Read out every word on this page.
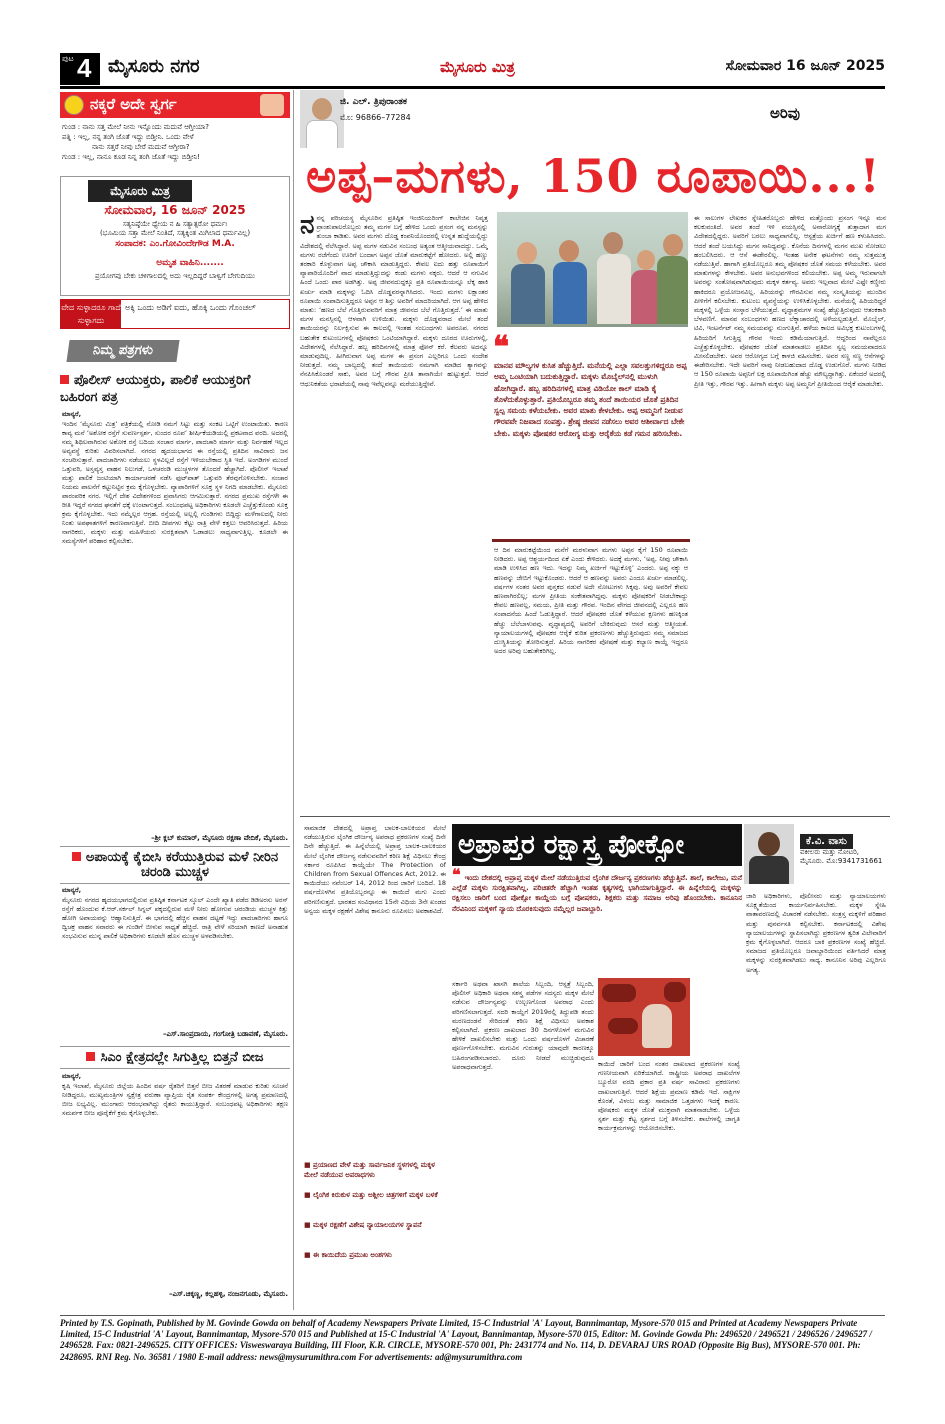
ಪುಟ 4 ಮೈಸೂರು ನಗರ	ಮೈಸೂರು ಮಿತ್ರ	ಸೋಮವಾರ 16 ಜೂನ್ 2025
ನಕ್ಕರೆ ಅದೇ ಸ್ವರ್ಗ
ಗುಂಡ : ನಾನು ಸತ್ತ ಮೇಲೆ ನೀನು ಇನ್ನೊಂದು ಮದುವೆ ಆಗ್ತೀಯಾ?
ಪತ್ನಿ : ಇಲ್ಲ, ನನ್ನ ತಂಗಿ ಜೊತೆ ಇದ್ದು ಬಿಡ್ತೀನಿ. ಒಂದು ವೇಳೆ
ನಾನು ಸತ್ತರೆ ನೀವು ಬೇರೆ ಮದುವೆ ಆಗ್ತೀರಾ?
ಗುಂಡ : ಇಲ್ಲ, ನಾನೂ ಕೂಡ ನಿನ್ನ ತಂಗಿ ಜೊತೆ ಇದ್ದು ಬಿಡ್ತೀನಿ!
ಮೈಸೂರು ಮಿತ್ರ
ಸೋಮವಾರ, 16 ಜೂನ್ 2025
ಸತ್ಯನಿಷ್ಠೆಯೇ ಧ್ಯೇಯ ನ ಹಿ ಸತ್ಯಾತ್ಪರೋ ಧರ್ಮಃ
(ಭೂಮಿಯ ಸತ್ತಾ ಮೇಲೆ ನಿಂತಿದೆ, ಸತ್ಯಕ್ಕಿಂತ ಮಿಗಿಲಾದ ಧರ್ಮವಿಲ್ಲ)
ಸಂಪಾದಕ: ಎಂ.ಗೋವಿಂದೇಗೌಡ M.A.
ಅಮೃತ ವಾಹಿನಿ.......
ಪ್ರಯೋಗವು ಬೇಕು ಚಳಿಗಾಲದಲ್ಲಿ ಅದು ಇಲ್ಲದಿದ್ದರೆ ಬಾಳ್ವಿಗೆ ಬೇಗುದಿಯು
ವೇದ ಸುಳ್ಳಾದರೂ ಗಾದೆ ಸುಳ್ಳಾಗದು
ಅಕ್ಕಿ ಒಂದು ಅಡಿಗೆ ಐದು, ಹೊಕ್ಕಿ ಒಂದು ಗೊಂಚಲ್
ನಿಮ್ಮ ಪತ್ರಗಳು
ಪೊಲೀಸ್ ಆಯುಕ್ತರು, ಪಾಲಿಕೆ ಆಯುಕ್ತರಿಗೆ ಬಹಿರಂಗ ಪತ್ರ
ಮಾನ್ಯರೆ,
ಇಂದಿನ ‘ಮೈಸೂರು ಮಿತ್ರ’ ಪತ್ರಿಕೆಯಲ್ಲಿ ನೋಡಿ ನಮಗೆ ಸಿಟ್ಟು ಮತ್ತು ಸಂಕಟ ಒಟ್ಟಿಗೆ ಉಂಟಾಯಿತು. ಕಾರಣ ಕಾವ್ಯ ಮನೆ ‘ಅಶೋಕ ರಸ್ತೆಗೆ ಸುವರ್ಣಸ್ಪರ್ಶ, ಸುಂದರ ರೂಪ’ ಶೀರ್ಷಿಕೆಯಡಿಯಲ್ಲಿ ಪ್ರಕಟವಾದ ವರದಿ. ಅದರಲ್ಲಿ ನಮ್ಮ ಶಿಥಿಲವಾಗಿರುವ ಅಶೋಕ ರಸ್ತೆ ಬದಿಯ ಸಂಚಾರ ಮಾರ್ಗ, ಪಾದಚಾರಿ ಮಾರ್ಗ ಮತ್ತು ನಿರ್ವಹಣೆ ಇಲ್ಲದ ಅವ್ಯವಸ್ಥೆ ಕುರಿತು ವಿವರಿಸಲಾಗಿದೆ. ನಗರದ ಹೃದಯಭಾಗದ ಈ ರಸ್ತೆಯಲ್ಲಿ ಪ್ರತಿದಿನ ಸಾವಿರಾರು ಜನ ಸಂಚರಿಸುತ್ತಾರೆ. ಪಾದಚಾರಿಗಳು ನಡೆಯಲು ಸ್ಥಳವಿಲ್ಲದೆ ರಸ್ತೆಗೆ ಇಳಿಯಬೇಕಾದ ಸ್ಥಿತಿ ಇದೆ. ಅಂಗಡಿಗಳ ಮುಂದೆ ಒತ್ತುವರಿ, ಅಸ್ತವ್ಯಸ್ತ ವಾಹನ ನಿಲುಗಡೆ, ಒಳಚರಂಡಿ ಮುಚ್ಚಳಗಳ ತೊಂದರೆ ಹೆಚ್ಚಾಗಿದೆ. ಪೊಲೀಸ್ ಇಲಾಖೆ ಮತ್ತು ಪಾಲಿಕೆ ಜಂಟಿಯಾಗಿ ಕಾರ್ಯಾಚರಣೆ ನಡೆಸಿ ಫುಟ್‌ಪಾತ್ ಒತ್ತುವರಿ ತೆರವುಗೊಳಿಸಬೇಕು. ಸಂಚಾರ ನಿಯಮ ಪಾಲನೆಗೆ ಕಟ್ಟುನಿಟ್ಟಿನ ಕ್ರಮ ಕೈಗೊಳ್ಳಬೇಕು. ವ್ಯಾಪಾರಿಗಳಿಗೆ ಸೂಕ್ತ ಸ್ಥಳ ನಿಗದಿ ಮಾಡಬೇಕು. ಮೈಸೂರು ಪಾರಂಪರಿಕ ನಗರ. ಇಲ್ಲಿಗೆ ದೇಶ ವಿದೇಶಗಳಿಂದ ಪ್ರವಾಸಿಗರು ಆಗಮಿಸುತ್ತಾರೆ. ನಗರದ ಪ್ರಮುಖ ರಸ್ತೆಗಳೇ ಈ ರೀತಿ ಇದ್ದರೆ ನಗರದ ಘನತೆಗೆ ಧಕ್ಕೆ ಉಂಟಾಗುತ್ತದೆ. ಸಂಬಂಧಪಟ್ಟ ಅಧಿಕಾರಿಗಳು ಕೂಡಲೇ ಎಚ್ಚೆತ್ತುಕೊಂಡು ಸೂಕ್ತ ಕ್ರಮ ಕೈಗೊಳ್ಳಬೇಕು. ಇದು ನಮ್ಮೆಲ್ಲರ ಆಗ್ರಹ. ರಸ್ತೆಯಲ್ಲಿ ಅಲ್ಲಲ್ಲಿ ಗುಂಡಿಗಳು ಬಿದ್ದಿದ್ದು ಮಳೆಗಾಲದಲ್ಲಿ ನೀರು ನಿಂತು ಅಪಘಾತಗಳಿಗೆ ಕಾರಣವಾಗುತ್ತಿವೆ. ಬೀದಿ ದೀಪಗಳು ಕೆಟ್ಟು ರಾತ್ರಿ ವೇಳೆ ಕತ್ತಲು ಆವರಿಸಿರುತ್ತದೆ. ಹಿರಿಯ ನಾಗರಿಕರು, ಮಕ್ಕಳು ಮತ್ತು ಮಹಿಳೆಯರು ಸುರಕ್ಷಿತವಾಗಿ ಓಡಾಡಲು ಸಾಧ್ಯವಾಗುತ್ತಿಲ್ಲ. ಕೂಡಲೇ ಈ ಸಮಸ್ಯೆಗಳಿಗೆ ಪರಿಹಾರ ಕಲ್ಪಿಸಬೇಕು.
–ಶ್ರೀ ಕ್ಲಬ್‌ ಕುಮಾರ್, ಮೈಸೂರು ರಕ್ಷಣಾ ವೇದಿಕೆ, ಮೈಸೂರು.
ಅಪಾಯಕ್ಕೆ ಕೈಬೀಸಿ ಕರೆಯುತ್ತಿರುವ ಮಳೆ ನೀರಿನ ಚರಂಡಿ ಮುಚ್ಚಳ
ಮಾನ್ಯರೆ,
ಮೈಸೂರು ನಗರದ ಹೃದಯಭಾಗದಲ್ಲಿರುವ ಪ್ರತಿಷ್ಠಿತ ಕರ್ನಾಟಕ ಸ್ಕೂಲ್ ಎಂದೇ ಖ್ಯಾತಿ ಪಡೆದ ಡಿಡಿಅರಸು ಅರಸ್ ರಸ್ತೆಗೆ ಹೊಂದುವ ಕೆ.ಆರ್.ಸರ್ಕಲ್ ಸಿಗ್ನಲ್ ಪಕ್ಕದಲ್ಲಿರುವ ಮಳೆ ನೀರು ಹೋಗುವ ಚರಂಡಿಯ ಮುಚ್ಚಳ ಕಿತ್ತು ಹೋಗಿ ಅಪಾಯವನ್ನು ಆಹ್ವಾನಿಸುತ್ತಿದೆ. ಈ ಭಾಗದಲ್ಲಿ ಹೆಚ್ಚಿನ ವಾಹನ ದಟ್ಟಣೆ ಇದ್ದು ಪಾದಚಾರಿಗಳು ಹಾಗೂ ದ್ವಿಚಕ್ರ ವಾಹನ ಸವಾರರು ಈ ಗುಂಡಿಗೆ ಬೀಳುವ ಸಾಧ್ಯತೆ ಹೆಚ್ಚಿದೆ. ರಾತ್ರಿ ವೇಳೆ ಸರಿಯಾಗಿ ಕಾಣದೆ ಅನಾಹುತ ಸಂಭವಿಸುವ ಮುನ್ನ ಪಾಲಿಕೆ ಅಧಿಕಾರಿಗಳು ಕೂಡಲೇ ಹೊಸ ಮುಚ್ಚಳ ಅಳವಡಿಸಬೇಕು.
–ಎಸ್.ಸಾಂಪ್ರದಾಯ, ಗಂಗೋತ್ರಿ ಬಡಾವಣೆ, ಮೈಸೂರು.
ಸಿಎಂ ಕ್ಷೇತ್ರದಲ್ಲೇ ಸಿಗುತ್ತಿಲ್ಲ ಬಿತ್ತನೆ ಬೀಜ
ಮಾನ್ಯರೆ,
ಕೃಷಿ ಇಲಾಖೆ, ಮೈಸೂರು ಜಿಲ್ಲೆಯ ಹಿಂದಿನ ವರ್ಷ ರೈತರಿಗೆ ಬಿತ್ತನೆ ಬೀಜ ವಿತರಣೆ ಮಾಡುವ ಕುರಿತು ಸೂಚನೆ ನೀಡಿದ್ದರೂ, ಮುಖ್ಯಮಂತ್ರಿಗಳ ಸ್ವಕ್ಷೇತ್ರ ವರುಣಾ ವ್ಯಾಪ್ತಿಯ ರೈತ ಸಂಪರ್ಕ ಕೇಂದ್ರಗಳಲ್ಲಿ ಅಗತ್ಯ ಪ್ರಮಾಣದಲ್ಲಿ ಬೀಜ ಲಭ್ಯವಿಲ್ಲ. ಮುಂಗಾರು ಆರಂಭವಾಗಿದ್ದು ರೈತರು ಕಾಯುತ್ತಿದ್ದಾರೆ. ಸಂಬಂಧಪಟ್ಟ ಅಧಿಕಾರಿಗಳು ತಕ್ಷಣ ಸಮರ್ಪಕ ಬೀಜ ಪೂರೈಕೆಗೆ ಕ್ರಮ ಕೈಗೊಳ್ಳಬೇಕು.
–ಎಸ್.ಚಿಕ್ಕಣ್ಣ, ಕಲ್ಲಹಳ್ಳಿ, ನಂಜನಗೂಡು, ಮೈಸೂರು.
ಜಿ. ಎಲ್. ತ್ರಿಪುರಾಂತಕ
ಮೊ: 96866–77284	ಅರಿವು
ಅಪ್ಪ–ಮಗಳು, 150 ರೂಪಾಯಿ...!
ನನನ್ನ ಪರಿಚಯಸ್ಥ ಮೈಸೂರಿನ ಪ್ರತಿಷ್ಠಿತ ಇಂಜಿನಿಯರಿಂಗ್ ಕಾಲೇಜಿನ ನಿವೃತ್ತ ಪ್ರಾಂಶುಪಾಲರೊಬ್ಬರು ತಮ್ಮ ಮಗಳ ಬಗ್ಗೆ ಹೇಳಿದ ಒಂದು ಪ್ರಸಂಗ ನನ್ನ ಮನಸ್ಸನ್ನು ತುಂಬಾ ಕಾಡಿತು. ಅವರ ಮಗಳು ದೊಡ್ಡ ಕಂಪನಿಯೊಂದರಲ್ಲಿ ಉನ್ನತ ಹುದ್ದೆಯಲ್ಲಿದ್ದು ವಿದೇಶದಲ್ಲಿ ನೆಲೆಸಿದ್ದಾರೆ. ಅಪ್ಪ ಮಗಳ ನಡುವಿನ ಸಂಬಂಧ ಅತ್ಯಂತ ಆತ್ಮೀಯವಾದದ್ದು. ಒಮ್ಮೆ ಮಗಳು ರಜೆಗೆಂದು ಊರಿಗೆ ಬಂದಾಗ ಅಪ್ಪನ ಜೊತೆ ಮಾರುಕಟ್ಟೆಗೆ ಹೋದರು. ಅಲ್ಲಿ ಹಣ್ಣು ತರಕಾರಿ ಕೊಳ್ಳುವಾಗ ಅಪ್ಪ ಚೌಕಾಸಿ ಮಾಡುತ್ತಿದ್ದರು. ಕೇವಲ ಐದು ಹತ್ತು ರೂಪಾಯಿಗೆ ವ್ಯಾಪಾರಿಯೊಂದಿಗೆ ವಾದ ಮಾಡುತ್ತಿದ್ದುದನ್ನು ಕಂಡು ಮಗಳು ನಕ್ಕರು. ಆದರೆ ಆ ನಗುವಿನ ಹಿಂದೆ ಒಂದು ಪಾಠ ಅಡಗಿತ್ತು. ಅಪ್ಪ ಜೀವನದುದ್ದಕ್ಕೂ ಪ್ರತಿ ರೂಪಾಯಿಯನ್ನೂ ಲೆಕ್ಕ ಹಾಕಿ ಖರ್ಚು ಮಾಡಿ ಮಕ್ಕಳನ್ನು ಓದಿಸಿ ದೊಡ್ಡವರನ್ನಾಗಿಸಿದರು. ಇಂದು ಮಗಳು ಲಕ್ಷಾಂತರ ರೂಪಾಯಿ ಸಂಪಾದಿಸುತ್ತಿದ್ದರೂ ಅಪ್ಪನ ಆ ಶಿಸ್ತು ಅವರಿಗೆ ಮಾದರಿಯಾಗಿದೆ. ಆಗ ಅಪ್ಪ ಹೇಳಿದ ಮಾತು: ‘ಹಣದ ಬೆಲೆ ಗೊತ್ತಿರುವವರಿಗೆ ಮಾತ್ರ ಜೀವನದ ಬೆಲೆ ಗೊತ್ತಿರುತ್ತದೆ.’ ಈ ಮಾತು ಮಗಳ ಮನಸ್ಸಿನಲ್ಲಿ ಆಳವಾಗಿ ಉಳಿಯಿತು. ಮಕ್ಕಳು ದೊಡ್ಡವರಾದ ಮೇಲೆ ತಂದೆ ತಾಯಿಯರನ್ನು ನಿರ್ಲಕ್ಷಿಸುವ ಈ ಕಾಲದಲ್ಲಿ ಇಂತಹ ಸಂಬಂಧಗಳು ಅಪರೂಪ. ನಗರದ ಬಹುತೇಕ ಕುಟುಂಬಗಳಲ್ಲಿ ಪೋಷಕರು ಒಂಟಿಯಾಗಿದ್ದಾರೆ. ಮಕ್ಕಳು ದೂರದ ಊರುಗಳಲ್ಲಿ, ವಿದೇಶಗಳಲ್ಲಿ ನೆಲೆಸಿದ್ದಾರೆ. ಹಬ್ಬ ಹರಿದಿನಗಳಲ್ಲಿ ಮಾತ್ರ ಫೋನ್ ಕರೆ. ಕೆಲವರು ಅದನ್ನೂ ಮಾಡುವುದಿಲ್ಲ. ಹೀಗಿರುವಾಗ ಅಪ್ಪ ಮಗಳ ಈ ಪ್ರಸಂಗ ಎಲ್ಲರಿಗೂ ಒಂದು ಸಂದೇಶ ನೀಡುತ್ತದೆ. ನಮ್ಮ ಬಾಲ್ಯದಲ್ಲಿ ತಂದೆ ತಾಯಿಯರು ನಮಗಾಗಿ ಮಾಡಿದ ತ್ಯಾಗವನ್ನು ನೆನಪಿಸಿಕೊಂಡರೆ ಸಾಕು, ಅವರ ಬಗ್ಗೆ ಗೌರವ ಪ್ರೀತಿ ತಾನಾಗಿಯೇ ಹುಟ್ಟುತ್ತದೆ. ಆದರೆ ಆಧುನಿಕತೆಯ ಭರಾಟೆಯಲ್ಲಿ ನಾವು ಇವೆಲ್ಲವನ್ನೂ ಮರೆಯುತ್ತಿದ್ದೇವೆ.
❝
ಮಾನವ ಮೌಲ್ಯಗಳ ಕುಸಿತ ಹೆಚ್ಚುತ್ತಿದೆ. ಮನೆಯಲ್ಲಿ ಎಲ್ಲಾ ಸವಲತ್ತುಗಳಿದ್ದರೂ ಅಪ್ಪ ಅಮ್ಮ ಒಂಟಿಯಾಗಿ ಬದುಕುತ್ತಿದ್ದಾರೆ. ಮಕ್ಕಳು ಮೊಬೈಲ್‌ನಲ್ಲಿ ಮುಳುಗಿ ಹೋಗಿದ್ದಾರೆ. ಹಬ್ಬ ಹರಿದಿನಗಳಲ್ಲಿ ಮಾತ್ರ ವಿಡಿಯೋ ಕಾಲ್ ಮಾಡಿ ಕೈ ತೊಳೆದುಕೊಳ್ಳುತ್ತಾರೆ. ಪ್ರತಿಯೊಬ್ಬರೂ ತಮ್ಮ ತಂದೆ ತಾಯಿಯರ ಜೊತೆ ಪ್ರತಿದಿನ ಸ್ವಲ್ಪ ಸಮಯ ಕಳೆಯಬೇಕು. ಅವರ ಮಾತು ಕೇಳಬೇಕು. ಅಪ್ಪ ಅಮ್ಮನಿಗೆ ನೀಡುವ ಗೌರವವೇ ನಿಜವಾದ ಸಂಪತ್ತು. ಶ್ರೇಷ್ಠ ಜೀವನ ನಡೆಸಲು ಅವರ ಆಶೀರ್ವಾದ ಬೇಕೇ ಬೇಕು. ಮಕ್ಕಳು ಪೋಷಕರ ಆರೋಗ್ಯ ಮತ್ತು ಆರೈಕೆಯ ಕಡೆ ಗಮನ ಹರಿಸಬೇಕು.
ಆ ದಿನ ಮಾರುಕಟ್ಟೆಯಿಂದ ಮನೆಗೆ ಮರಳುವಾಗ ಮಗಳು ಅಪ್ಪನ ಕೈಗೆ 150 ರೂಪಾಯಿ ನೀಡಿದರು. ಅಪ್ಪ ಆಶ್ಚರ್ಯದಿಂದ ಏಕೆ ಎಂದು ಕೇಳಿದರು. ಅದಕ್ಕೆ ಮಗಳು, ‘ಅಪ್ಪ, ನೀವು ಚೌಕಾಸಿ ಮಾಡಿ ಉಳಿಸಿದ ಹಣ ಇದು. ಇದನ್ನು ನಿಮ್ಮ ಖರ್ಚಿಗೆ ಇಟ್ಟುಕೊಳ್ಳಿ’ ಎಂದರು. ಅಪ್ಪ ನಕ್ಕು ಆ ಹಣವನ್ನು ಜೇಬಿಗೆ ಇಟ್ಟುಕೊಂಡರು. ಆದರೆ ಆ ಹಣವನ್ನು ಅವರು ಎಂದೂ ಖರ್ಚು ಮಾಡಲಿಲ್ಲ. ವರ್ಷಗಳ ನಂತರ ಅವರ ಪುಸ್ತಕದ ನಡುವೆ ಅದೇ ನೋಟುಗಳು ಸಿಕ್ಕವು. ಅವು ಅವರಿಗೆ ಕೇವಲ ಹಣವಾಗಿರಲಿಲ್ಲ; ಮಗಳ ಪ್ರೀತಿಯ ಸಂಕೇತವಾಗಿದ್ದವು. ಮಕ್ಕಳು ಪೋಷಕರಿಗೆ ನೀಡಬೇಕಾದ್ದು ಕೇವಲ ಹಣವಲ್ಲ, ಸಮಯ, ಪ್ರೀತಿ ಮತ್ತು ಗೌರವ. ಇಂದಿನ ವೇಗದ ಜೀವನದಲ್ಲಿ ಎಲ್ಲರೂ ಹಣ ಸಂಪಾದನೆಯ ಹಿಂದೆ ಓಡುತ್ತಿದ್ದಾರೆ. ಆದರೆ ಪೋಷಕರ ಜೊತೆ ಕಳೆಯುವ ಕ್ಷಣಗಳು ಹಣಕ್ಕಿಂತ ಹೆಚ್ಚು ಬೆಲೆಬಾಳುವವು. ವೃದ್ಧಾಪ್ಯದಲ್ಲಿ ಅವರಿಗೆ ಬೇಕಿರುವುದು ಆಸರೆ ಮತ್ತು ಆತ್ಮೀಯತೆ. ನ್ಯಾಯಾಲಯಗಳಲ್ಲಿ ಪೋಷಕರ ಆರೈಕೆ ಕುರಿತ ಪ್ರಕರಣಗಳು ಹೆಚ್ಚುತ್ತಿರುವುದು ನಮ್ಮ ಸಮಾಜದ ದುಃಸ್ಥಿತಿಯನ್ನು ತೋರಿಸುತ್ತದೆ. ಹಿರಿಯ ನಾಗರಿಕರ ಪೋಷಣೆ ಮತ್ತು ಕಲ್ಯಾಣ ಕಾಯ್ದೆ ಇದ್ದರೂ ಅದರ ಅರಿವು ಬಹುತೇಕರಿಗಿಲ್ಲ.
ಈ ಸಾಲುಗಳ ಲೇಖಕರ ಸ್ನೇಹಿತರೊಬ್ಬರು ಹೇಳಿದ ಮತ್ತೊಂದು ಪ್ರಸಂಗ ಇನ್ನೂ ಮನ ಕಲಕುವಂತಿದೆ. ಅವರ ತಂದೆ ಇಳಿ ವಯಸ್ಸಿನಲ್ಲಿ ಅನಾರೋಗ್ಯಕ್ಕೆ ತುತ್ತಾದಾಗ ಮಗ ವಿದೇಶದಲ್ಲಿದ್ದರು. ಅವರಿಗೆ ಬರಲು ಸಾಧ್ಯವಾಗಲಿಲ್ಲ. ಆಸ್ಪತ್ರೆಯ ಖರ್ಚಿಗೆ ಹಣ ಕಳುಹಿಸಿದರು. ಆದರೆ ತಂದೆ ಬಯಸಿದ್ದು ಮಗನ ಸಾನಿಧ್ಯವನ್ನು. ಕೊನೆಯ ದಿನಗಳಲ್ಲಿ ಮಗನ ಮುಖ ನೋಡಲು ಹಂಬಲಿಸಿದರು. ಆ ಆಸೆ ಈಡೇರಲಿಲ್ಲ. ಇಂತಹ ಅನೇಕ ಘಟನೆಗಳು ನಮ್ಮ ಸುತ್ತಮುತ್ತ ನಡೆಯುತ್ತಿವೆ. ಹಾಗಾಗಿ ಪ್ರತಿಯೊಬ್ಬರೂ ತಮ್ಮ ಪೋಷಕರ ಜೊತೆ ಸಮಯ ಕಳೆಯಬೇಕು. ಅವರ ಮಾತುಗಳನ್ನು ಕೇಳಬೇಕು. ಅವರ ಅನುಭವಗಳಿಂದ ಕಲಿಯಬೇಕು. ಅಪ್ಪ ಅಮ್ಮ ಇರುವಾಗಲೇ ಅವರನ್ನು ಸಂತೋಷವಾಗಿಡುವುದು ಮಕ್ಕಳ ಕರ್ತವ್ಯ. ಅವರು ಇಲ್ಲವಾದ ಮೇಲೆ ಎಷ್ಟೇ ಕಣ್ಣೀರು ಹಾಕಿದರೂ ಪ್ರಯೋಜನವಿಲ್ಲ. ಹಿರಿಯರನ್ನು ಗೌರವಿಸುವ ನಮ್ಮ ಸಂಸ್ಕೃತಿಯನ್ನು ಮುಂದಿನ ಪೀಳಿಗೆಗೆ ಕಲಿಸಬೇಕು. ಕುಟುಂಬ ವ್ಯವಸ್ಥೆಯನ್ನು ಉಳಿಸಿಕೊಳ್ಳಬೇಕು. ಮನೆಯಲ್ಲಿ ಹಿರಿಯರಿದ್ದರೆ ಮಕ್ಕಳಲ್ಲಿ ಒಳ್ಳೆಯ ಸಂಸ್ಕಾರ ಬೆಳೆಯುತ್ತದೆ. ವೃದ್ಧಾಶ್ರಮಗಳ ಸಂಖ್ಯೆ ಹೆಚ್ಚುತ್ತಿರುವುದು ಆತಂಕಕಾರಿ ಬೆಳವಣಿಗೆ. ಮಾನವ ಸಂಬಂಧಗಳು ಹಣದ ಲೆಕ್ಕಾಚಾರದಲ್ಲಿ ಅಳೆಯಲ್ಪಡುತ್ತಿವೆ. ಮೊಬೈಲ್, ಟಿವಿ, ಇಂಟರ್ನೆಟ್ ನಮ್ಮ ಸಮಯವನ್ನು ನುಂಗುತ್ತಿವೆ. ಹಳೆಯ ಕಾಲದ ಅವಿಭಕ್ತ ಕುಟುಂಬಗಳಲ್ಲಿ ಹಿರಿಯರಿಗೆ ಸಿಗುತ್ತಿದ್ದ ಗೌರವ ಇಂದು ಕಡಿಮೆಯಾಗುತ್ತಿದೆ. ಆದ್ದರಿಂದ ನಾವೆಲ್ಲರೂ ಎಚ್ಚೆತ್ತುಕೊಳ್ಳಬೇಕು. ಪೋಷಕರ ಜೊತೆ ಮಾತನಾಡಲು ಪ್ರತಿದಿನ ಸ್ವಲ್ಪ ಸಮಯವಾದರೂ ಮೀಸಲಿಡಬೇಕು. ಅವರ ಆರೋಗ್ಯದ ಬಗ್ಗೆ ಕಾಳಜಿ ವಹಿಸಬೇಕು. ಅವರ ಸಣ್ಣ ಸಣ್ಣ ಆಸೆಗಳನ್ನು ಈಡೇರಿಸಬೇಕು. ಇದೇ ಅವರಿಗೆ ನಾವು ನೀಡಬಹುದಾದ ದೊಡ್ಡ ಉಡುಗೊರೆ. ಮಗಳು ನೀಡಿದ ಆ 150 ರೂಪಾಯಿ ಅಪ್ಪನಿಗೆ ಲಕ್ಷ ರೂಪಾಯಿಗಿಂತ ಹೆಚ್ಚು ಮೌಲ್ಯದ್ದಾಗಿತ್ತು. ಏಕೆಂದರೆ ಅದರಲ್ಲಿ ಪ್ರೀತಿ ಇತ್ತು, ಗೌರವ ಇತ್ತು. ಹೀಗಾಗಿ ಮಕ್ಕಳು ಅಪ್ಪ ಅಮ್ಮನಿಗೆ ಪ್ರೀತಿಯಿಂದ ಆರೈಕೆ ಮಾಡಬೇಕು.
ಅಪ್ರಾಪ್ತರ ರಕ್ಷಾಸ್ತ್ರ ಪೋಕ್ಸೋ	ಕೆ.ವಿ. ವಾಸು
ವಕೀಲರು ಮತ್ತು ನೋಟರಿ, ಮೈಸೂರು. ಮೊ:9341731661
❝ ಇಂದು ದೇಶದಲ್ಲಿ ಅಪ್ರಾಪ್ತ ಮಕ್ಕಳ ಮೇಲೆ ನಡೆಯುತ್ತಿರುವ ಲೈಂಗಿಕ ದೌರ್ಜನ್ಯ ಪ್ರಕರಣಗಳು ಹೆಚ್ಚುತ್ತಿವೆ. ಶಾಲೆ, ಕಾಲೇಜು, ಮನೆ ಎಲ್ಲೆಡೆ ಮಕ್ಕಳು ಸುರಕ್ಷಿತವಾಗಿಲ್ಲ. ಪರಿಚಿತರೇ ಹೆಚ್ಚಾಗಿ ಇಂತಹ ಕೃತ್ಯಗಳಲ್ಲಿ ಭಾಗಿಯಾಗುತ್ತಿದ್ದಾರೆ. ಈ ಹಿನ್ನೆಲೆಯಲ್ಲಿ ಮಕ್ಕಳನ್ನು ರಕ್ಷಿಸಲು ಜಾರಿಗೆ ಬಂದ ಪೋಕ್ಸೋ ಕಾಯ್ದೆಯ ಬಗ್ಗೆ ಪೋಷಕರು, ಶಿಕ್ಷಕರು ಮತ್ತು ಸಮಾಜ ಅರಿವು ಹೊಂದಬೇಕು. ಕಾನೂನಿನ ನೆರವಿನಿಂದ ಮಕ್ಕಳಿಗೆ ನ್ಯಾಯ ದೊರಕಿಸುವುದು ನಮ್ಮೆಲ್ಲರ ಜವಾಬ್ದಾರಿ.
ಸಾಮಾಜಿಕ ದೇಶದಲ್ಲಿ ಅಪ್ರಾಪ್ತ ಬಾಲಕ-ಬಾಲಕಿಯರ ಮೇಲೆ ನಡೆಯುತ್ತಿರುವ ಲೈಂಗಿಕ ದೌರ್ಜನ್ಯ ಅಪರಾಧ ಪ್ರಕರಣಗಳ ಸಂಖ್ಯೆ ದಿನೇ ದಿನೇ ಹೆಚ್ಚುತ್ತಿದೆ. ಈ ಹಿನ್ನೆಲೆಯಲ್ಲಿ ಅಪ್ರಾಪ್ತ ಬಾಲಕ-ಬಾಲಕಿಯರ ಮೇಲೆ ಲೈಂಗಿಕ ದೌರ್ಜನ್ಯ ನಡೆಸುವವರಿಗೆ ಕಠಿಣ ಶಿಕ್ಷೆ ವಿಧಿಸಲು ಕೇಂದ್ರ ಸರ್ಕಾರ ರೂಪಿಸಿದ ಕಾಯ್ದೆಯೇ The Protection of Children from Sexual Offences Act, 2012. ಈ ಕಾಯಿದೆಯು ನವೆಂಬರ್ 14, 2012 ರಿಂದ ಜಾರಿಗೆ ಬಂದಿದೆ. 18 ವರ್ಷದೊಳಗಿನ ಪ್ರತಿಯೊಬ್ಬರನ್ನೂ ಈ ಕಾಯಿದೆ ಮಗು ಎಂದು ಪರಿಗಣಿಸುತ್ತದೆ. ಭಾರತದ ಸಂವಿಧಾನದ 15ನೇ ವಿಧಿಯ 3ನೇ ಖಂಡದ ಅನ್ವಯ ಮಕ್ಕಳ ರಕ್ಷಣೆಗೆ ವಿಶೇಷ ಕಾನೂನು ರೂಪಿಸಲು ಅವಕಾಶವಿದೆ.
■ ಪ್ರಯಾಣದ ವೇಳೆ ಮತ್ತು ಸಾರ್ವಜನಿಕ ಸ್ಥಳಗಳಲ್ಲಿ ಮಕ್ಕಳ ಮೇಲೆ ನಡೆಯುವ ಅಪರಾಧಗಳು
■ ಲೈಂಗಿಕ ಕಿರುಕುಳ ಮತ್ತು ಅಶ್ಲೀಲ ಚಿತ್ರಗಳಿಗೆ ಮಕ್ಕಳ ಬಳಕೆ
■ ಮಕ್ಕಳ ರಕ್ಷಣೆಗೆ ವಿಶೇಷ ನ್ಯಾಯಾಲಯಗಳ ಸ್ಥಾಪನೆ
■ ಈ ಕಾಯಿದೆಯ ಪ್ರಮುಖ ಅಂಶಗಳು
ಸರ್ಕಾರಿ ಅಥವಾ ಖಾಸಗಿ ಶಾಲೆಯ ಸಿಬ್ಬಂದಿ, ಆಸ್ಪತ್ರೆ ಸಿಬ್ಬಂದಿ, ಪೊಲೀಸ್ ಅಧಿಕಾರಿ ಅಥವಾ ಸಶಸ್ತ್ರ ಪಡೆಗಳ ಸದಸ್ಯರು ಮಕ್ಕಳ ಮೇಲೆ ನಡೆಸುವ ದೌರ್ಜನ್ಯವನ್ನು ಉಲ್ಬಣಗೊಂಡ ಅಪರಾಧ ಎಂದು ಪರಿಗಣಿಸಲಾಗುತ್ತದೆ. ಸದರಿ ಕಾಯ್ದೆಗೆ 2019ರಲ್ಲಿ ತಿದ್ದುಪಡಿ ತಂದು ಮರಣದಂಡನೆ ಸೇರಿದಂತೆ ಕಠಿಣ ಶಿಕ್ಷೆ ವಿಧಿಸಲು ಅವಕಾಶ ಕಲ್ಪಿಸಲಾಗಿದೆ. ಪ್ರಕರಣ ದಾಖಲಾದ 30 ದಿನಗಳೊಳಗೆ ಮಗುವಿನ ಹೇಳಿಕೆ ದಾಖಲಿಸಬೇಕು ಮತ್ತು ಒಂದು ವರ್ಷದೊಳಗೆ ವಿಚಾರಣೆ ಪೂರ್ಣಗೊಳಿಸಬೇಕು. ಮಗುವಿನ ಗುರುತನ್ನು ಯಾವುದೇ ಕಾರಣಕ್ಕೂ ಬಹಿರಂಗಪಡಿಸಬಾರದು. ದೂರು ನೀಡದೆ ಮುಚ್ಚಿಡುವುದೂ ಅಪರಾಧವಾಗುತ್ತದೆ.	ಕಾಯಿದೆ ಜಾರಿಗೆ ಬಂದ ನಂತರ ದಾಖಲಾದ ಪ್ರಕರಣಗಳ ಸಂಖ್ಯೆ ಗಣನೀಯವಾಗಿ ಏರಿಕೆಯಾಗಿದೆ. ರಾಷ್ಟ್ರೀಯ ಅಪರಾಧ ದಾಖಲೆಗಳ ಬ್ಯೂರೋ ವರದಿ ಪ್ರಕಾರ ಪ್ರತಿ ವರ್ಷ ಸಾವಿರಾರು ಪ್ರಕರಣಗಳು ದಾಖಲಾಗುತ್ತಿವೆ. ಆದರೆ ಶಿಕ್ಷೆಯ ಪ್ರಮಾಣ ಕಡಿಮೆ ಇದೆ. ಸಾಕ್ಷಿಗಳ ಕೊರತೆ, ವಿಳಂಬ ಮತ್ತು ಸಾಮಾಜಿಕ ಒತ್ತಡಗಳು ಇದಕ್ಕೆ ಕಾರಣ. ಪೋಷಕರು ಮಕ್ಕಳ ಜೊತೆ ಮುಕ್ತವಾಗಿ ಮಾತನಾಡಬೇಕು. ಒಳ್ಳೆಯ ಸ್ಪರ್ಶ ಮತ್ತು ಕೆಟ್ಟ ಸ್ಪರ್ಶದ ಬಗ್ಗೆ ತಿಳಿಸಬೇಕು. ಶಾಲೆಗಳಲ್ಲಿ ಜಾಗೃತಿ ಕಾರ್ಯಕ್ರಮಗಳನ್ನು ಆಯೋಜಿಸಬೇಕು.
ಜಾರಿ ಅಧಿಕಾರಿಗಳು, ಪೊಲೀಸರು ಮತ್ತು ನ್ಯಾಯಾಲಯಗಳು ಸೂಕ್ಷ್ಮತೆಯಿಂದ ಕಾರ್ಯನಿರ್ವಹಿಸಬೇಕು. ಮಕ್ಕಳ ಸ್ನೇಹಿ ವಾತಾವರಣದಲ್ಲಿ ವಿಚಾರಣೆ ನಡೆಸಬೇಕು. ಸಂತ್ರಸ್ತ ಮಕ್ಕಳಿಗೆ ಪರಿಹಾರ ಮತ್ತು ಪುನರ್ವಸತಿ ಕಲ್ಪಿಸಬೇಕು. ಕರ್ನಾಟಕದಲ್ಲಿ ವಿಶೇಷ ನ್ಯಾಯಾಲಯಗಳನ್ನು ಸ್ಥಾಪಿಸಲಾಗಿದ್ದು ಪ್ರಕರಣಗಳ ತ್ವರಿತ ವಿಲೇವಾರಿಗೆ ಕ್ರಮ ಕೈಗೊಳ್ಳಲಾಗಿದೆ. ಆದರೂ ಬಾಕಿ ಪ್ರಕರಣಗಳ ಸಂಖ್ಯೆ ಹೆಚ್ಚಿದೆ. ಸಮಾಜದ ಪ್ರತಿಯೊಬ್ಬರೂ ಜವಾಬ್ದಾರಿಯಿಂದ ವರ್ತಿಸಿದರೆ ಮಾತ್ರ ಮಕ್ಕಳನ್ನು ಸುರಕ್ಷಿತವಾಗಿಡಲು ಸಾಧ್ಯ. ಕಾನೂನಿನ ಅರಿವು ಎಲ್ಲರಿಗೂ ಅಗತ್ಯ.
Printed by T.S. Gopinath, Published by M. Govinde Gowda on behalf of Academy Newspapers Private Limited, 15-C Industrial 'A' Layout, Bannimantap, Mysore-570 015 and Printed at Academy Newspapers Private Limited, 15-C Industrial 'A' Layout, Bannimantap, Mysore-570 015 and Published at 15-C Industrial 'A' Layout, Bannimantap, Mysore-570 015, Editor: M. Govinde Gowda Ph: 2496520 / 2496521 / 2496526 / 2496527 / 2496528. Fax: 0821-2496525. CITY OFFICES: Visweswaraya Building, III Floor, K.R. CIRCLE, MYSORE-570 001, Ph: 2431774 and No. 114, D. DEVARAJ URS ROAD (Opposite Big Bus), MYSORE-570 001. Ph: 2428695. RNI Reg. No. 36581 / 1980 E-mail address: news@mysurumithra.com For advertisements: ad@mysurumithra.com
